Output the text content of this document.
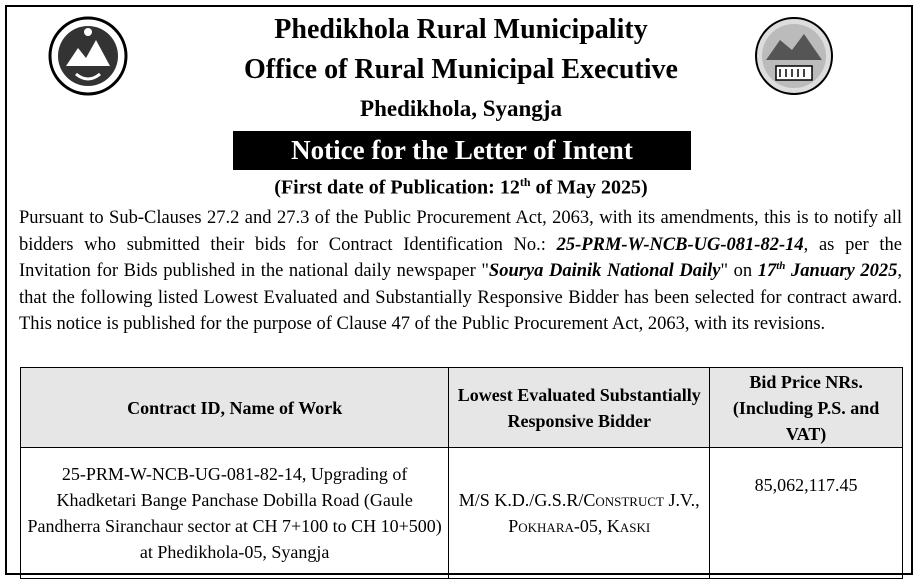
Phedikhola Rural Municipality
Office of Rural Municipal Executive
Phedikhola, Syangja
Notice for the Letter of Intent
(First date of Publication: 12th of May 2025)
Pursuant to Sub-Clauses 27.2 and 27.3 of the Public Procurement Act, 2063, with its amendments, this is to notify all bidders who submitted their bids for Contract Identification No.: 25-PRM-W-NCB-UG-081-82-14, as per the Invitation for Bids published in the national daily newspaper "Sourya Dainik National Daily" on 17th January 2025, that the following listed Lowest Evaluated and Substantially Responsive Bidder has been selected for contract award. This notice is published for the purpose of Clause 47 of the Public Procurement Act, 2063, with its revisions.
Contract ID, Name of Work	Lowest Evaluated Substantially Responsive Bidder	Bid Price NRs. (Including P.S. and VAT)
25-PRM-W-NCB-UG-081-82-14, Upgrading of Khadketari Bange Panchase Dobilla Road (Gaule Pandherra Siranchaur sector at CH 7+100 to CH 10+500) at Phedikhola-05, Syangja	M/S K.D./G.S.R/Construct J.V., Pokhara-05, Kaski	85,062,117.45
